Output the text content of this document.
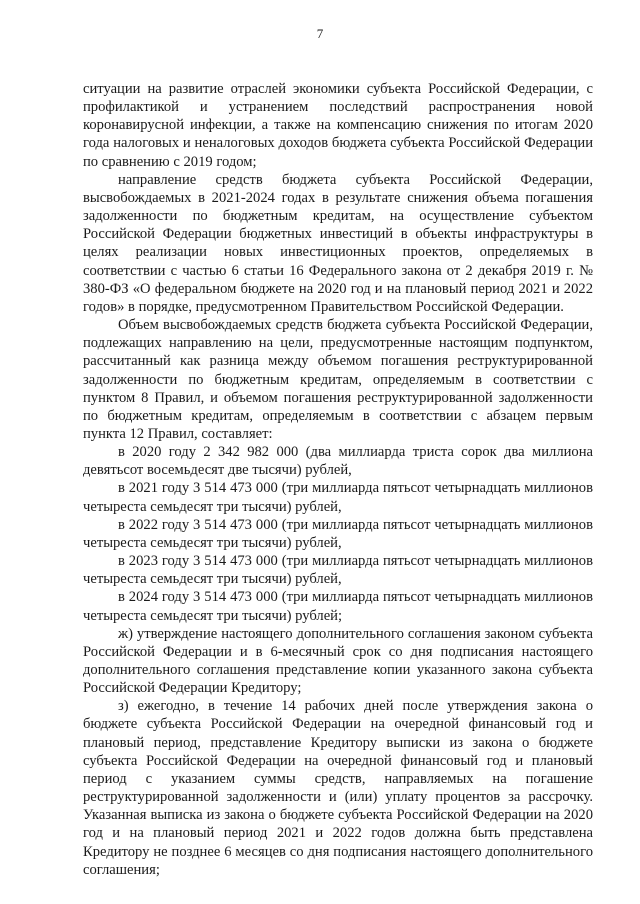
7

ситуации на развитие отраслей экономики субъекта Российской Федерации, с профилактикой и устранением последствий распространения новой коронавирусной инфекции, а также на компенсацию снижения по итогам 2020 года налоговых и неналоговых доходов бюджета субъекта Российской Федерации по сравнению с 2019 годом;

направление средств бюджета субъекта Российской Федерации, высвобождаемых в 2021-2024 годах в результате снижения объема погашения задолженности по бюджетным кредитам, на осуществление субъектом Российской Федерации бюджетных инвестиций в объекты инфраструктуры в целях реализации новых инвестиционных проектов, определяемых в соответствии с частью 6 статьи 16 Федерального закона от 2 декабря 2019 г. № 380-ФЗ «О федеральном бюджете на 2020 год и на плановый период 2021 и 2022 годов» в порядке, предусмотренном Правительством Российской Федерации.

Объем высвобождаемых средств бюджета субъекта Российской Федерации, подлежащих направлению на цели, предусмотренные настоящим подпунктом, рассчитанный как разница между объемом погашения реструктурированной задолженности по бюджетным кредитам, определяемым в соответствии с пунктом 8 Правил, и объемом погашения реструктурированной задолженности по бюджетным кредитам, определяемым в соответствии с абзацем первым пункта 12 Правил, составляет:

в 2020 году 2 342 982 000 (два миллиарда триста сорок два миллиона девятьсот восемьдесят две тысячи) рублей,

в 2021 году 3 514 473 000 (три миллиарда пятьсот четырнадцать миллионов четыреста семьдесят три тысячи) рублей,

в 2022 году 3 514 473 000 (три миллиарда пятьсот четырнадцать миллионов четыреста семьдесят три тысячи) рублей,

в 2023 году 3 514 473 000 (три миллиарда пятьсот четырнадцать миллионов четыреста семьдесят три тысячи) рублей,

в 2024 году 3 514 473 000 (три миллиарда пятьсот четырнадцать миллионов четыреста семьдесят три тысячи) рублей;

ж) утверждение настоящего дополнительного соглашения законом субъекта Российской Федерации и в 6-месячный срок со дня подписания настоящего дополнительного соглашения представление копии указанного закона субъекта Российской Федерации Кредитору;

з) ежегодно, в течение 14 рабочих дней после утверждения закона о бюджете субъекта Российской Федерации на очередной финансовый год и плановый период, представление Кредитору выписки из закона о бюджете субъекта Российской Федерации на очередной финансовый год и плановый период с указанием суммы средств, направляемых на погашение реструктурированной задолженности и (или) уплату процентов за рассрочку. Указанная выписка из закона о бюджете субъекта Российской Федерации на 2020 год и на плановый период 2021 и 2022 годов должна быть представлена Кредитору не позднее 6 месяцев со дня подписания настоящего дополнительного соглашения;
